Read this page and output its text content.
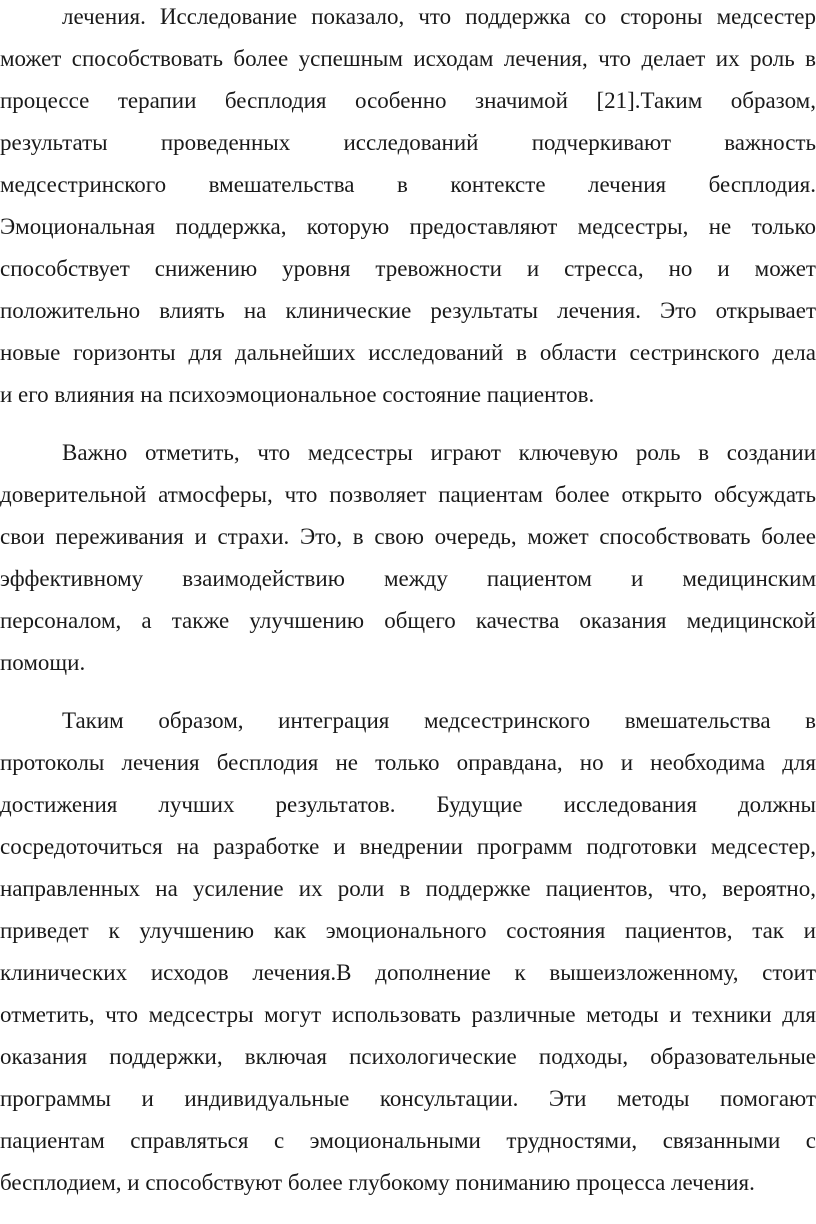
лечения. Исследование показало, что поддержка со стороны медсестер
может способствовать более успешным исходам лечения, что делает их роль в
процессе терапии бесплодия особенно значимой [21].Таким образом,
результаты проведенных исследований подчеркивают важность
медсестринского вмешательства в контексте лечения бесплодия.
Эмоциональная поддержка, которую предоставляют медсестры, не только
способствует снижению уровня тревожности и стресса, но и может
положительно влиять на клинические результаты лечения. Это открывает
новые горизонты для дальнейших исследований в области сестринского дела
и его влияния на психоэмоциональное состояние пациентов.
Важно отметить, что медсестры играют ключевую роль в создании
доверительной атмосферы, что позволяет пациентам более открыто обсуждать
свои переживания и страхи. Это, в свою очередь, может способствовать более
эффективному взаимодействию между пациентом и медицинским
персоналом, а также улучшению общего качества оказания медицинской
помощи.
Таким образом, интеграция медсестринского вмешательства в
протоколы лечения бесплодия не только оправдана, но и необходима для
достижения лучших результатов. Будущие исследования должны
сосредоточиться на разработке и внедрении программ подготовки медсестер,
направленных на усиление их роли в поддержке пациентов, что, вероятно,
приведет к улучшению как эмоционального состояния пациентов, так и
клинических исходов лечения.В дополнение к вышеизложенному, стоит
отметить, что медсестры могут использовать различные методы и техники для
оказания поддержки, включая психологические подходы, образовательные
программы и индивидуальные консультации. Эти методы помогают
пациентам справляться с эмоциональными трудностями, связанными с
бесплодием, и способствуют более глубокому пониманию процесса лечения.
